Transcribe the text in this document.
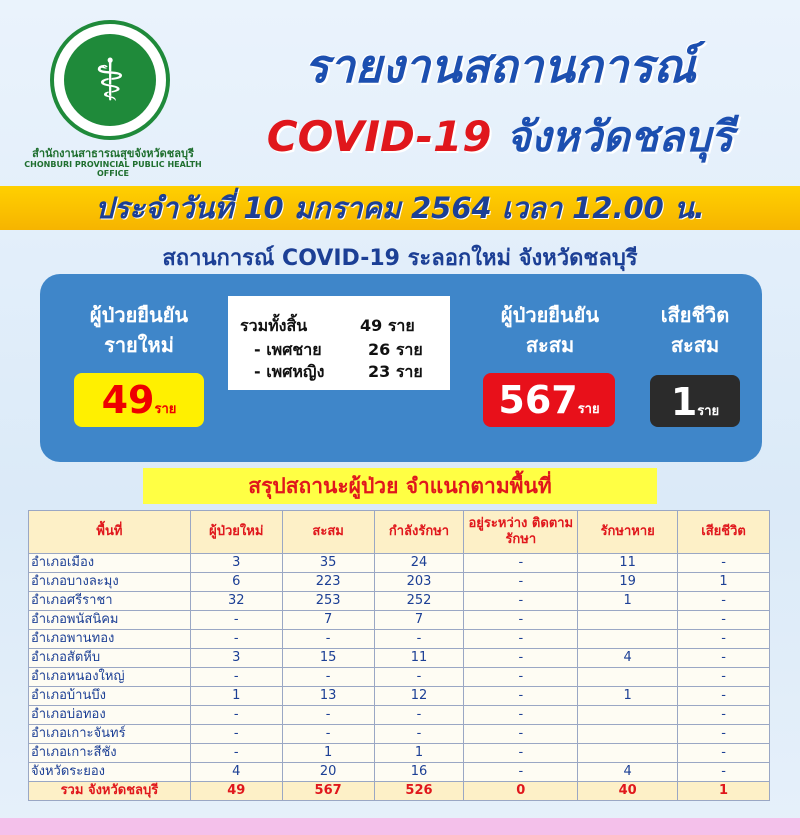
⚕
สำนักงานสาธารณสุขจังหวัดชลบุรี
CHONBURI PROVINCIAL PUBLIC HEALTH OFFICE
รายงานสถานการณ์
COVID-19 จังหวัดชลบุรี
ประจำวันที่ 10 มกราคม 2564 เวลา 12.00 น.
สถานการณ์ COVID-19 ระลอกใหม่ จังหวัดชลบุรี
ผู้ป่วยยืนยัน
รายใหม่
49ราย
รวมทั้งสิ้น	49 ราย
- เพศชาย	26 ราย
- เพศหญิง	23 ราย
ผู้ป่วยยืนยัน
สะสม
567ราย
เสียชีวิต
สะสม
1ราย
สรุปสถานะผู้ป่วย จำแนกตามพื้นที่
พื้นที่	ผู้ป่วยใหม่	สะสม	กำลังรักษา	อยู่ระหว่าง ติดตามรักษา	รักษาหาย	เสียชีวิต
อำเภอเมือง	3	35	24	-	11	-
อำเภอบางละมุง	6	223	203	-	19	1
อำเภอศรีราชา	32	253	252	-	1	-
อำเภอพนัสนิคม	-	7	7	-		-
อำเภอพานทอง	-	-	-	-		-
อำเภอสัตหีบ	3	15	11	-	4	-
อำเภอหนองใหญ่	-	-	-	-		-
อำเภอบ้านบึง	1	13	12	-	1	-
อำเภอบ่อทอง	-	-	-	-		-
อำเภอเกาะจันทร์	-	-	-	-		-
อำเภอเกาะสีชัง	-	1	1	-		-
จังหวัดระยอง	4	20	16	-	4	-
รวม จังหวัดชลบุรี	49	567	526	0	40	1
